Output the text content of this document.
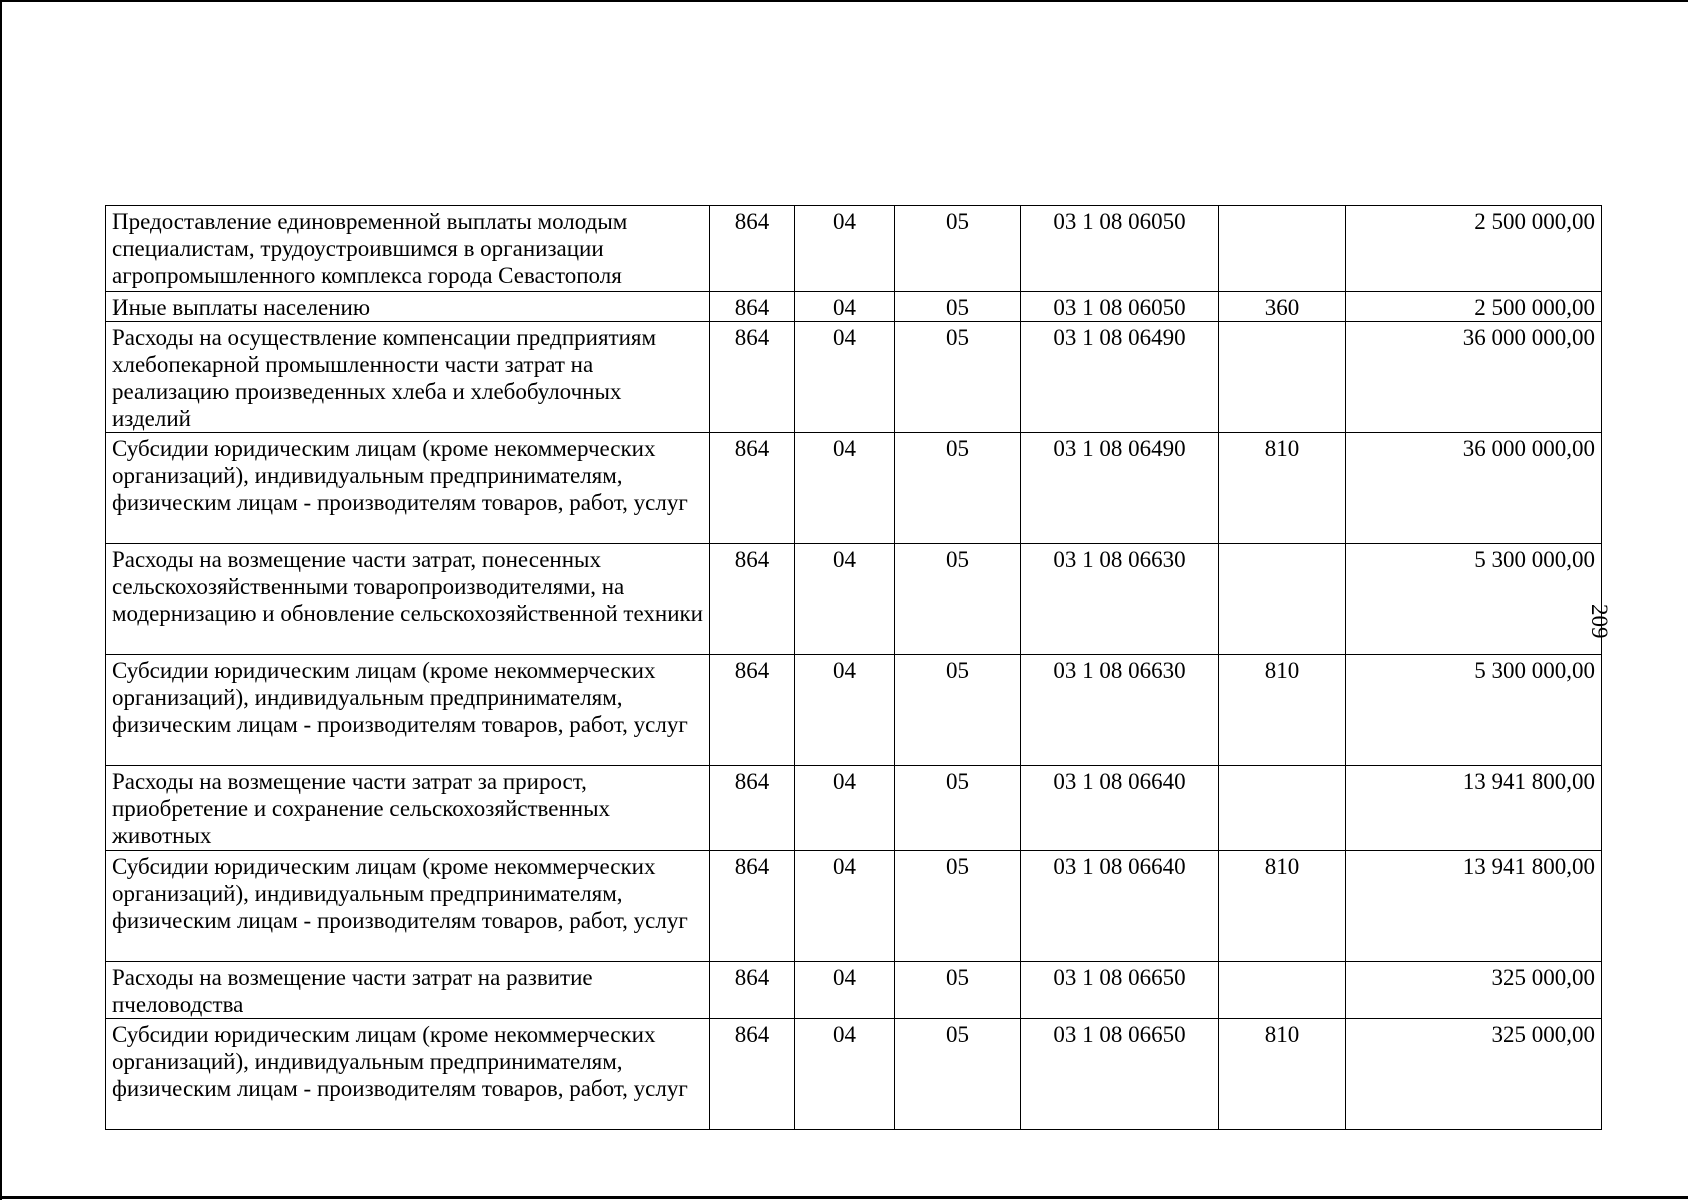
Предоставление единовременной выплаты молодым специалистам, трудоустроившимся в организации агропромышленного комплекса города Севастополя	864	04	05	03 1 08 06050		2 500 000,00
Иные выплаты населению	864	04	05	03 1 08 06050	360	2 500 000,00
Расходы на осуществление компенсации предприятиям хлебопекарной промышленности части затрат на реализацию произведенных хлеба и хлебобулочных изделий	864	04	05	03 1 08 06490		36 000 000,00
Субсидии юридическим лицам (кроме некоммерческих организаций), индивидуальным предпринимателям, физическим лицам - производителям товаров, работ, услуг	864	04	05	03 1 08 06490	810	36 000 000,00
Расходы на возмещение части затрат, понесенных сельскохозяйственными товаропроизводителями, на модернизацию и обновление сельскохозяйственной техники	864	04	05	03 1 08 06630		5 300 000,00
Субсидии юридическим лицам (кроме некоммерческих организаций), индивидуальным предпринимателям, физическим лицам - производителям товаров, работ, услуг	864	04	05	03 1 08 06630	810	5 300 000,00
Расходы на возмещение части затрат за прирост, приобретение и сохранение сельскохозяйственных животных	864	04	05	03 1 08 06640		13 941 800,00
Субсидии юридическим лицам (кроме некоммерческих организаций), индивидуальным предпринимателям, физическим лицам - производителям товаров, работ, услуг	864	04	05	03 1 08 06640	810	13 941 800,00
Расходы на возмещение части затрат на развитие пчеловодства	864	04	05	03 1 08 06650		325 000,00
Субсидии юридическим лицам (кроме некоммерческих организаций), индивидуальным предпринимателям, физическим лицам - производителям товаров, работ, услуг	864	04	05	03 1 08 06650	810	325 000,00
209
